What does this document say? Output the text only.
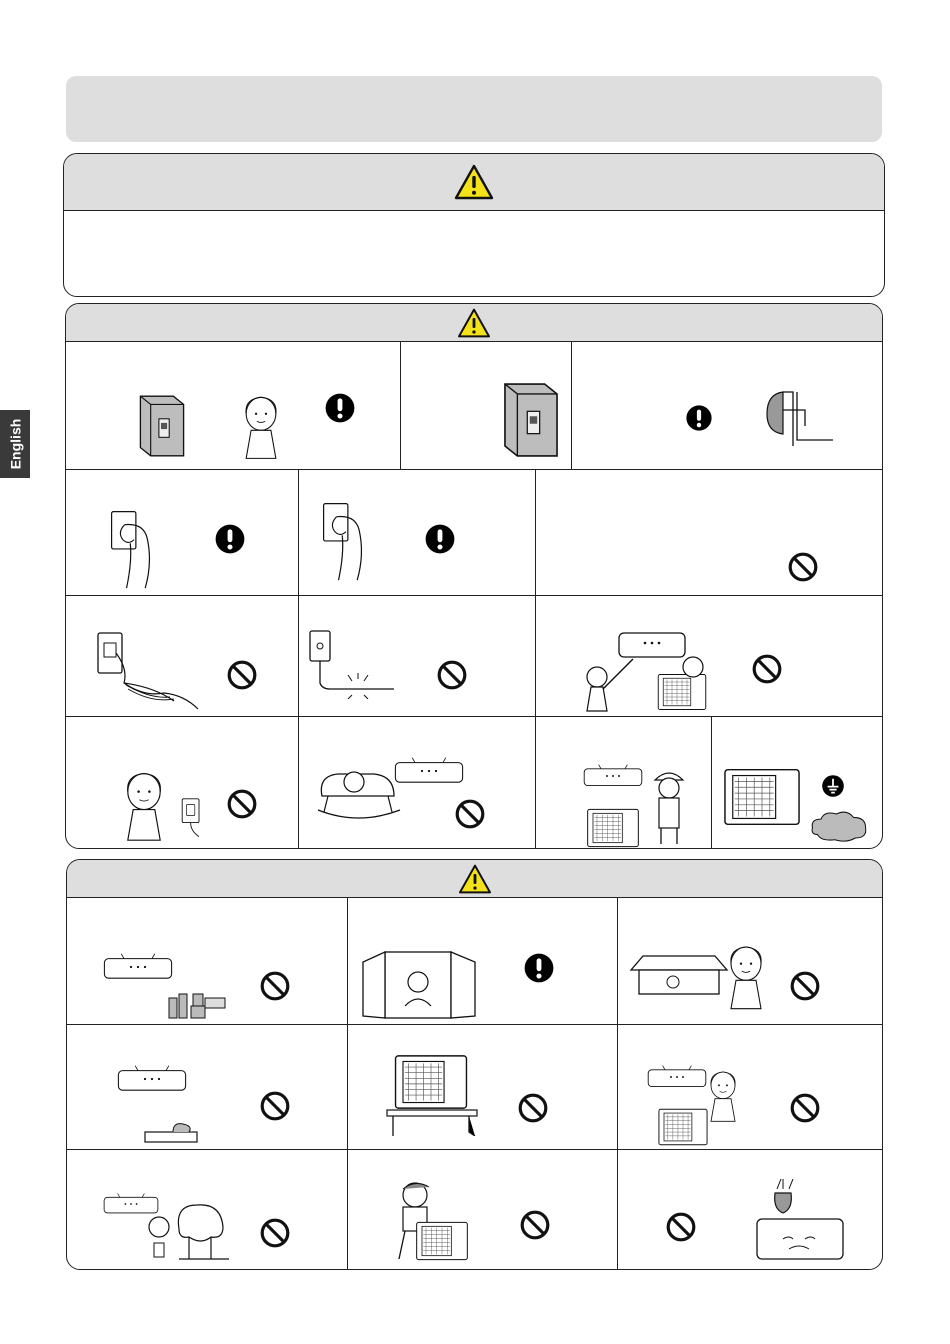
English
